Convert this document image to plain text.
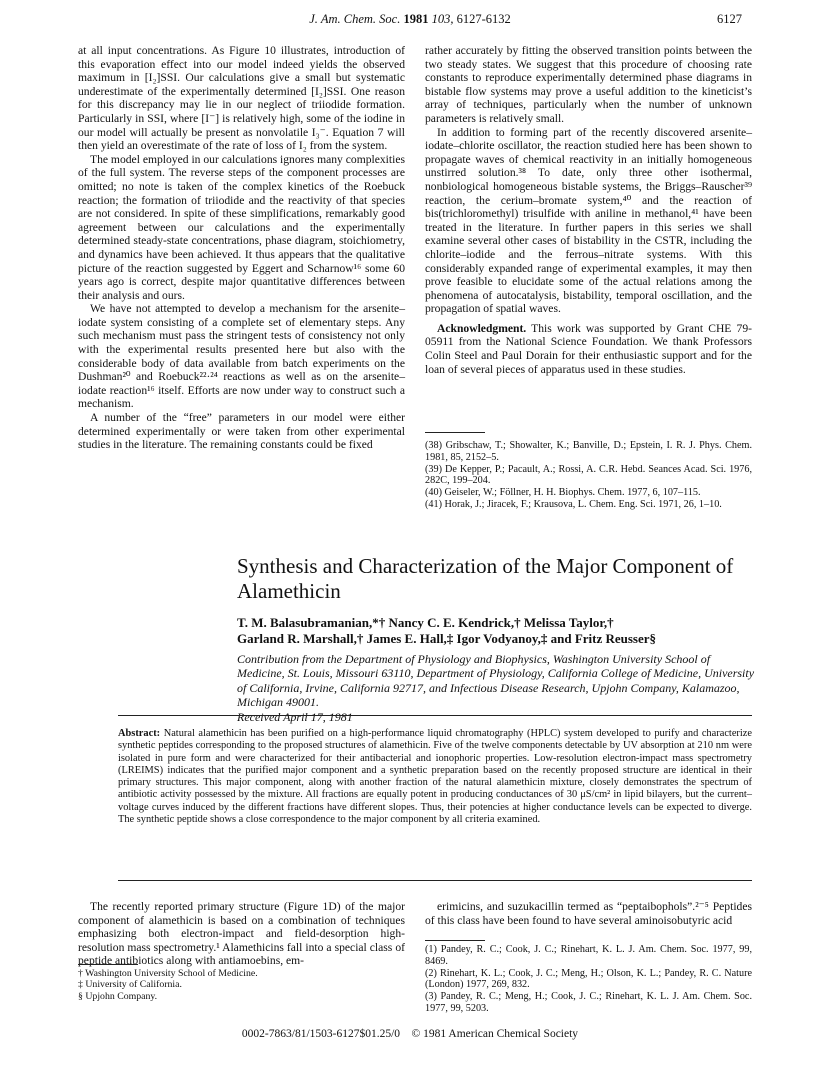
J. Am. Chem. Soc. 1981 103, 6127-6132	6127

at all input concentrations. As Figure 10 illustrates, introduction of this evaporation effect into our model indeed yields the observed maximum in [I₂]SSI. Our calculations give a small but systematic underestimate of the experimentally determined [I₂]SSI. One reason for this discrepancy may lie in our neglect of triiodide formation. Particularly in SSI, where [I⁻] is relatively high, some of the iodine in our model will actually be present as nonvolatile I₃⁻. Equation 7 will then yield an overestimate of the rate of loss of I₂ from the system.

The model employed in our calculations ignores many complexities of the full system. The reverse steps of the component processes are omitted; no note is taken of the complex kinetics of the Roebuck reaction; the formation of triiodide and the reactivity of that species are not considered. In spite of these simplifications, remarkably good agreement between our calculations and the experimentally determined steady-state concentrations, phase diagram, stoichiometry, and dynamics have been achieved. It thus appears that the qualitative picture of the reaction suggested by Eggert and Scharnow¹⁶ some 60 years ago is correct, despite major quantitative differences between their analysis and ours.

We have not attempted to develop a mechanism for the arsenite–iodate system consisting of a complete set of elementary steps. Any such mechanism must pass the stringent tests of consistency not only with the experimental results presented here but also with the considerable body of data available from batch experiments on the Dushman²⁰ and Roebuck²²·²⁴ reactions as well as on the arsenite–iodate reaction¹⁶ itself. Efforts are now under way to construct such a mechanism.

A number of the “free” parameters in our model were either determined experimentally or were taken from other experimental studies in the literature. The remaining constants could be fixed

rather accurately by fitting the observed transition points between the two steady states. We suggest that this procedure of choosing rate constants to reproduce experimentally determined phase diagrams in bistable flow systems may prove a useful addition to the kineticist’s array of techniques, particularly when the number of unknown parameters is relatively small.

In addition to forming part of the recently discovered arsenite–iodate–chlorite oscillator, the reaction studied here has been shown to propagate waves of chemical reactivity in an initially homogeneous unstirred solution.³⁸ To date, only three other isothermal, nonbiological homogeneous bistable systems, the Briggs–Rauscher³⁹ reaction, the cerium–bromate system,⁴⁰ and the reaction of bis(trichloromethyl) trisulfide with aniline in methanol,⁴¹ have been treated in the literature. In further papers in this series we shall examine several other cases of bistability in the CSTR, including the chlorite–iodide and the ferrous–nitrate systems. With this considerably expanded range of experimental examples, it may then prove feasible to elucidate some of the actual relations among the phenomena of autocatalysis, bistability, temporal oscillation, and the propagation of spatial waves.

Acknowledgment. This work was supported by Grant CHE 79-05911 from the National Science Foundation. We thank Professors Colin Steel and Paul Dorain for their enthusiastic support and for the loan of several pieces of apparatus used in these studies.

(38) Gribschaw, T.; Showalter, K.; Banville, D.; Epstein, I. R. J. Phys. Chem. 1981, 85, 2152–5.
(39) De Kepper, P.; Pacault, A.; Rossi, A. C.R. Hebd. Seances Acad. Sci. 1976, 282C, 199–204.
(40) Geiseler, W.; Föllner, H. H. Biophys. Chem. 1977, 6, 107–115.
(41) Horak, J.; Jiracek, F.; Krausova, L. Chem. Eng. Sci. 1971, 26, 1–10.
Synthesis and Characterization of the Major Component of Alamethicin
T. M. Balasubramanian,*† Nancy C. E. Kendrick,† Melissa Taylor,†
Garland R. Marshall,† James E. Hall,‡ Igor Vodyanoy,‡ and Fritz Reusser§
Contribution from the Department of Physiology and Biophysics, Washington University School of Medicine, St. Louis, Missouri 63110, Department of Physiology, California College of Medicine, University of California, Irvine, California 92717, and Infectious Disease Research, Upjohn Company, Kalamazoo, Michigan 49001.
Received April 17, 1981
Abstract: Natural alamethicin has been purified on a high-performance liquid chromatography (HPLC) system developed to purify and characterize synthetic peptides corresponding to the proposed structures of alamethicin. Five of the twelve components detectable by UV absorption at 210 nm were isolated in pure form and were characterized for their antibacterial and ionophoric properties. Low-resolution electron-impact mass spectrometry (LREIMS) indicates that the purified major component and a synthetic preparation based on the recently proposed structure are identical in their primary structures. This major component, along with another fraction of the natural alamethicin mixture, closely demonstrates the spectrum of antibiotic activity possessed by the mixture. All fractions are equally potent in producing conductances of 30 μS/cm² in lipid bilayers, but the current–voltage curves induced by the different fractions have different slopes. Thus, their potencies at higher conductance levels can be expected to diverge. The synthetic peptide shows a close correspondence to the major component by all criteria examined.

The recently reported primary structure (Figure 1D) of the major component of alamethicin is based on a combination of techniques emphasizing both electron-impact and field-desorption high-resolution mass spectrometry.¹ Alamethicins fall into a special class of peptide antibiotics along with antiamoebins, em-

erimicins, and suzukacillin termed as “peptaibophols”.²⁻⁵ Peptides of this class have been found to have several aminoisobutyric acid

† Washington University School of Medicine.
‡ University of California.
§ Upjohn Company.
(1) Pandey, R. C.; Cook, J. C.; Rinehart, K. L. J. Am. Chem. Soc. 1977, 99, 8469.
(2) Rinehart, K. L.; Cook, J. C.; Meng, H.; Olson, K. L.; Pandey, R. C. Nature (London) 1977, 269, 832.
(3) Pandey, R. C.; Meng, H.; Cook, J. C.; Rinehart, K. L. J. Am. Chem. Soc. 1977, 99, 5203.
0002-7863/81/1503-6127$01.25/0 © 1981 American Chemical Society
